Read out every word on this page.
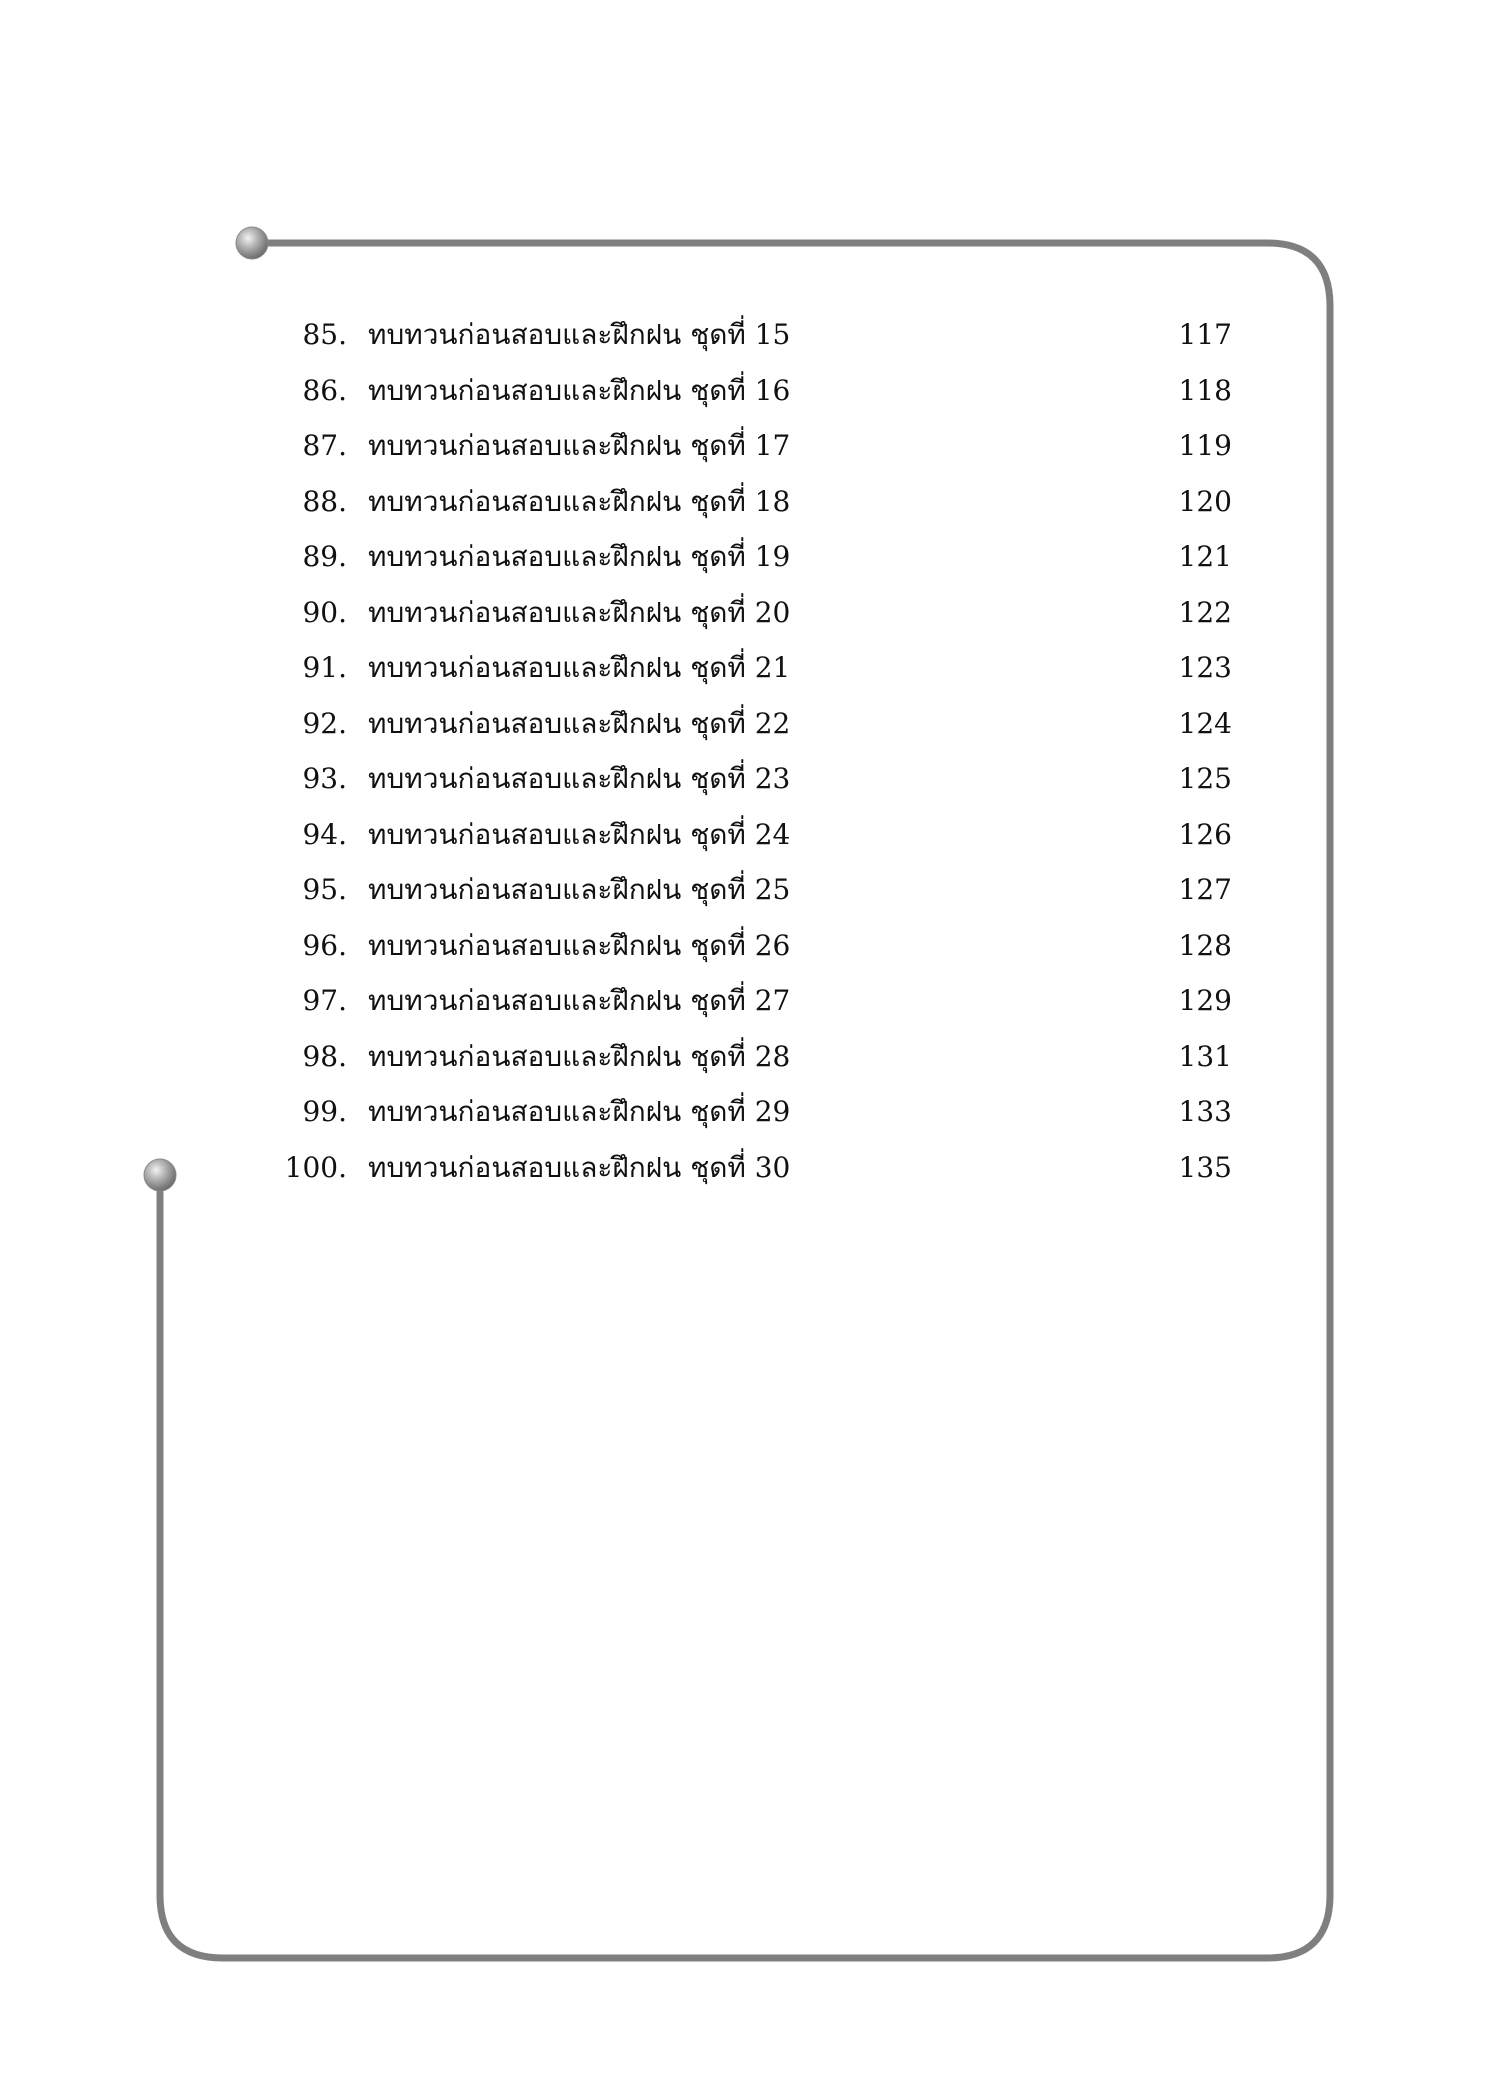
85. ทบทวนก่อนสอบและฝึกฝน ชุดที่ 15	117
86. ทบทวนก่อนสอบและฝึกฝน ชุดที่ 16	118
87. ทบทวนก่อนสอบและฝึกฝน ชุดที่ 17	119
88. ทบทวนก่อนสอบและฝึกฝน ชุดที่ 18	120
89. ทบทวนก่อนสอบและฝึกฝน ชุดที่ 19	121
90. ทบทวนก่อนสอบและฝึกฝน ชุดที่ 20	122
91. ทบทวนก่อนสอบและฝึกฝน ชุดที่ 21	123
92. ทบทวนก่อนสอบและฝึกฝน ชุดที่ 22	124
93. ทบทวนก่อนสอบและฝึกฝน ชุดที่ 23	125
94. ทบทวนก่อนสอบและฝึกฝน ชุดที่ 24	126
95. ทบทวนก่อนสอบและฝึกฝน ชุดที่ 25	127
96. ทบทวนก่อนสอบและฝึกฝน ชุดที่ 26	128
97. ทบทวนก่อนสอบและฝึกฝน ชุดที่ 27	129
98. ทบทวนก่อนสอบและฝึกฝน ชุดที่ 28	131
99. ทบทวนก่อนสอบและฝึกฝน ชุดที่ 29	133
100. ทบทวนก่อนสอบและฝึกฝน ชุดที่ 30	135
